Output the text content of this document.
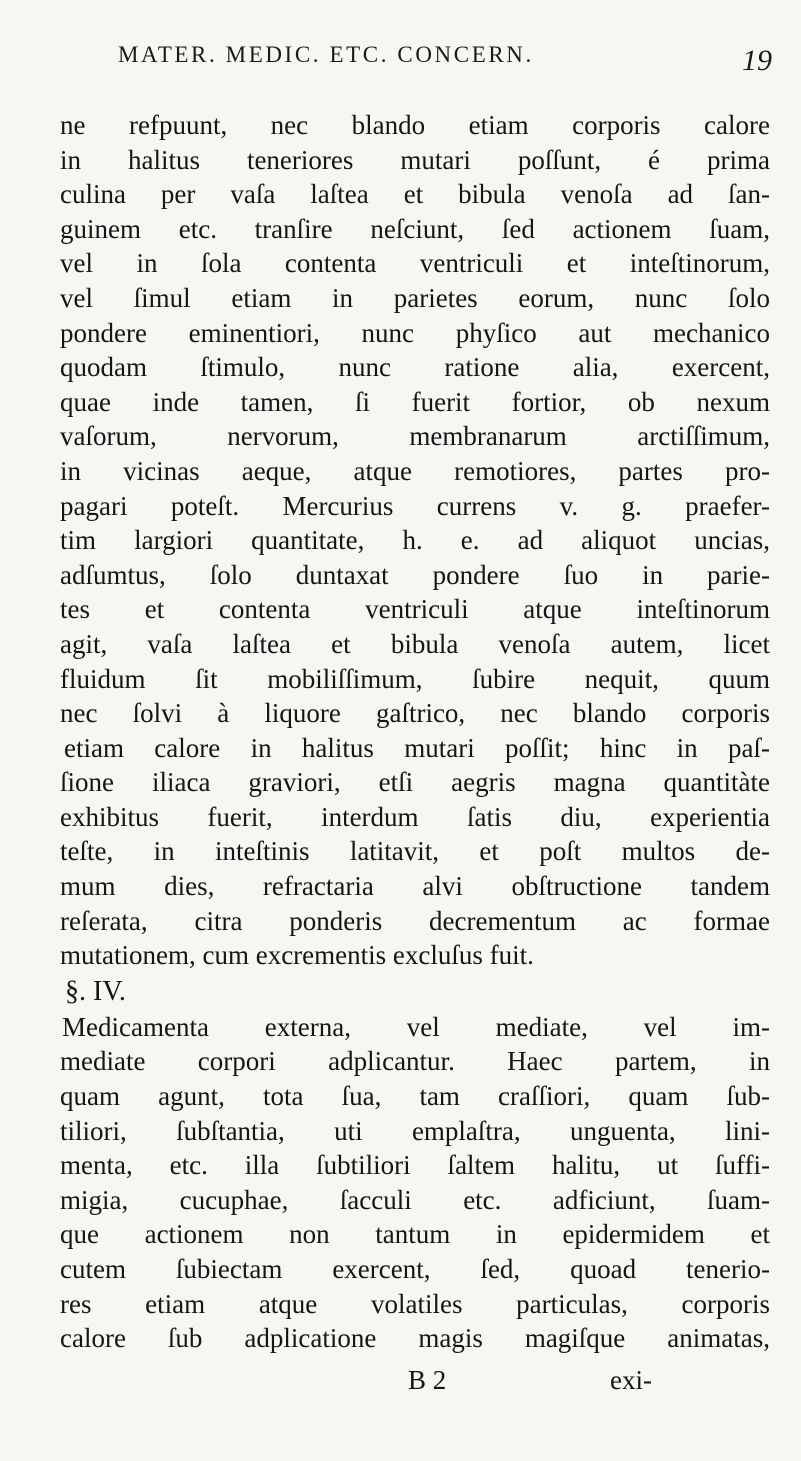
MATER. MEDIC. ETC. CONCERN.	19
ne refpuunt, nec blando etiam corporis calore
in halitus teneriores mutari poſſunt, é prima
culina per vaſa laſtea et bibula venoſa ad ſan-
guinem etc. tranſire neſciunt, ſed actionem ſuam,
vel in ſola contenta ventriculi et inteſtinorum,
vel ſimul etiam in parietes eorum, nunc ſolo
pondere eminentiori, nunc phyſico aut mechanico
quodam ſtimulo, nunc ratione alia, exercent,
quae inde tamen, ſi fuerit fortior, ob nexum
vaſorum, nervorum, membranarum arctiſſimum,
in vicinas aeque, atque remotiores, partes pro-
pagari poteſt. Mercurius currens v. g. praefer-
tim largiori quantitate, h. e. ad aliquot uncias,
adſumtus, ſolo duntaxat pondere ſuo in parie-
tes et contenta ventriculi atque inteſtinorum
agit, vaſa laſtea et bibula venoſa autem, licet
fluidum ſit mobiliſſimum, ſubire nequit, quum
nec ſolvi à liquore gaſtrico, nec blando corporis
etiam calore in halitus mutari poſſit; hinc in paſ-
ſione iliaca graviori, etſi aegris magna quantitàte
exhibitus fuerit, interdum ſatis diu, experientia
teſte, in inteſtinis latitavit, et poſt multos de-
mum dies, refractaria alvi obſtructione tandem
reſerata, citra ponderis decrementum ac formae
mutationem, cum excrementis excluſus fuit.
§. IV.
Medicamenta externa, vel mediate, vel im-
mediate corpori adplicantur. Haec partem, in
quam agunt, tota ſua, tam craſſiori, quam ſub-
tiliori, ſubſtantia, uti emplaſtra, unguenta, lini-
menta, etc. illa ſubtiliori ſaltem halitu, ut ſuffi-
migia, cucuphae, ſacculi etc. adficiunt, ſuam-
que actionem non tantum in epidermidem et
cutem ſubiectam exercent, ſed, quoad tenerio-
res etiam atque volatiles particulas, corporis
calore ſub adplicatione magis magiſque animatas,
B 2	exi-
